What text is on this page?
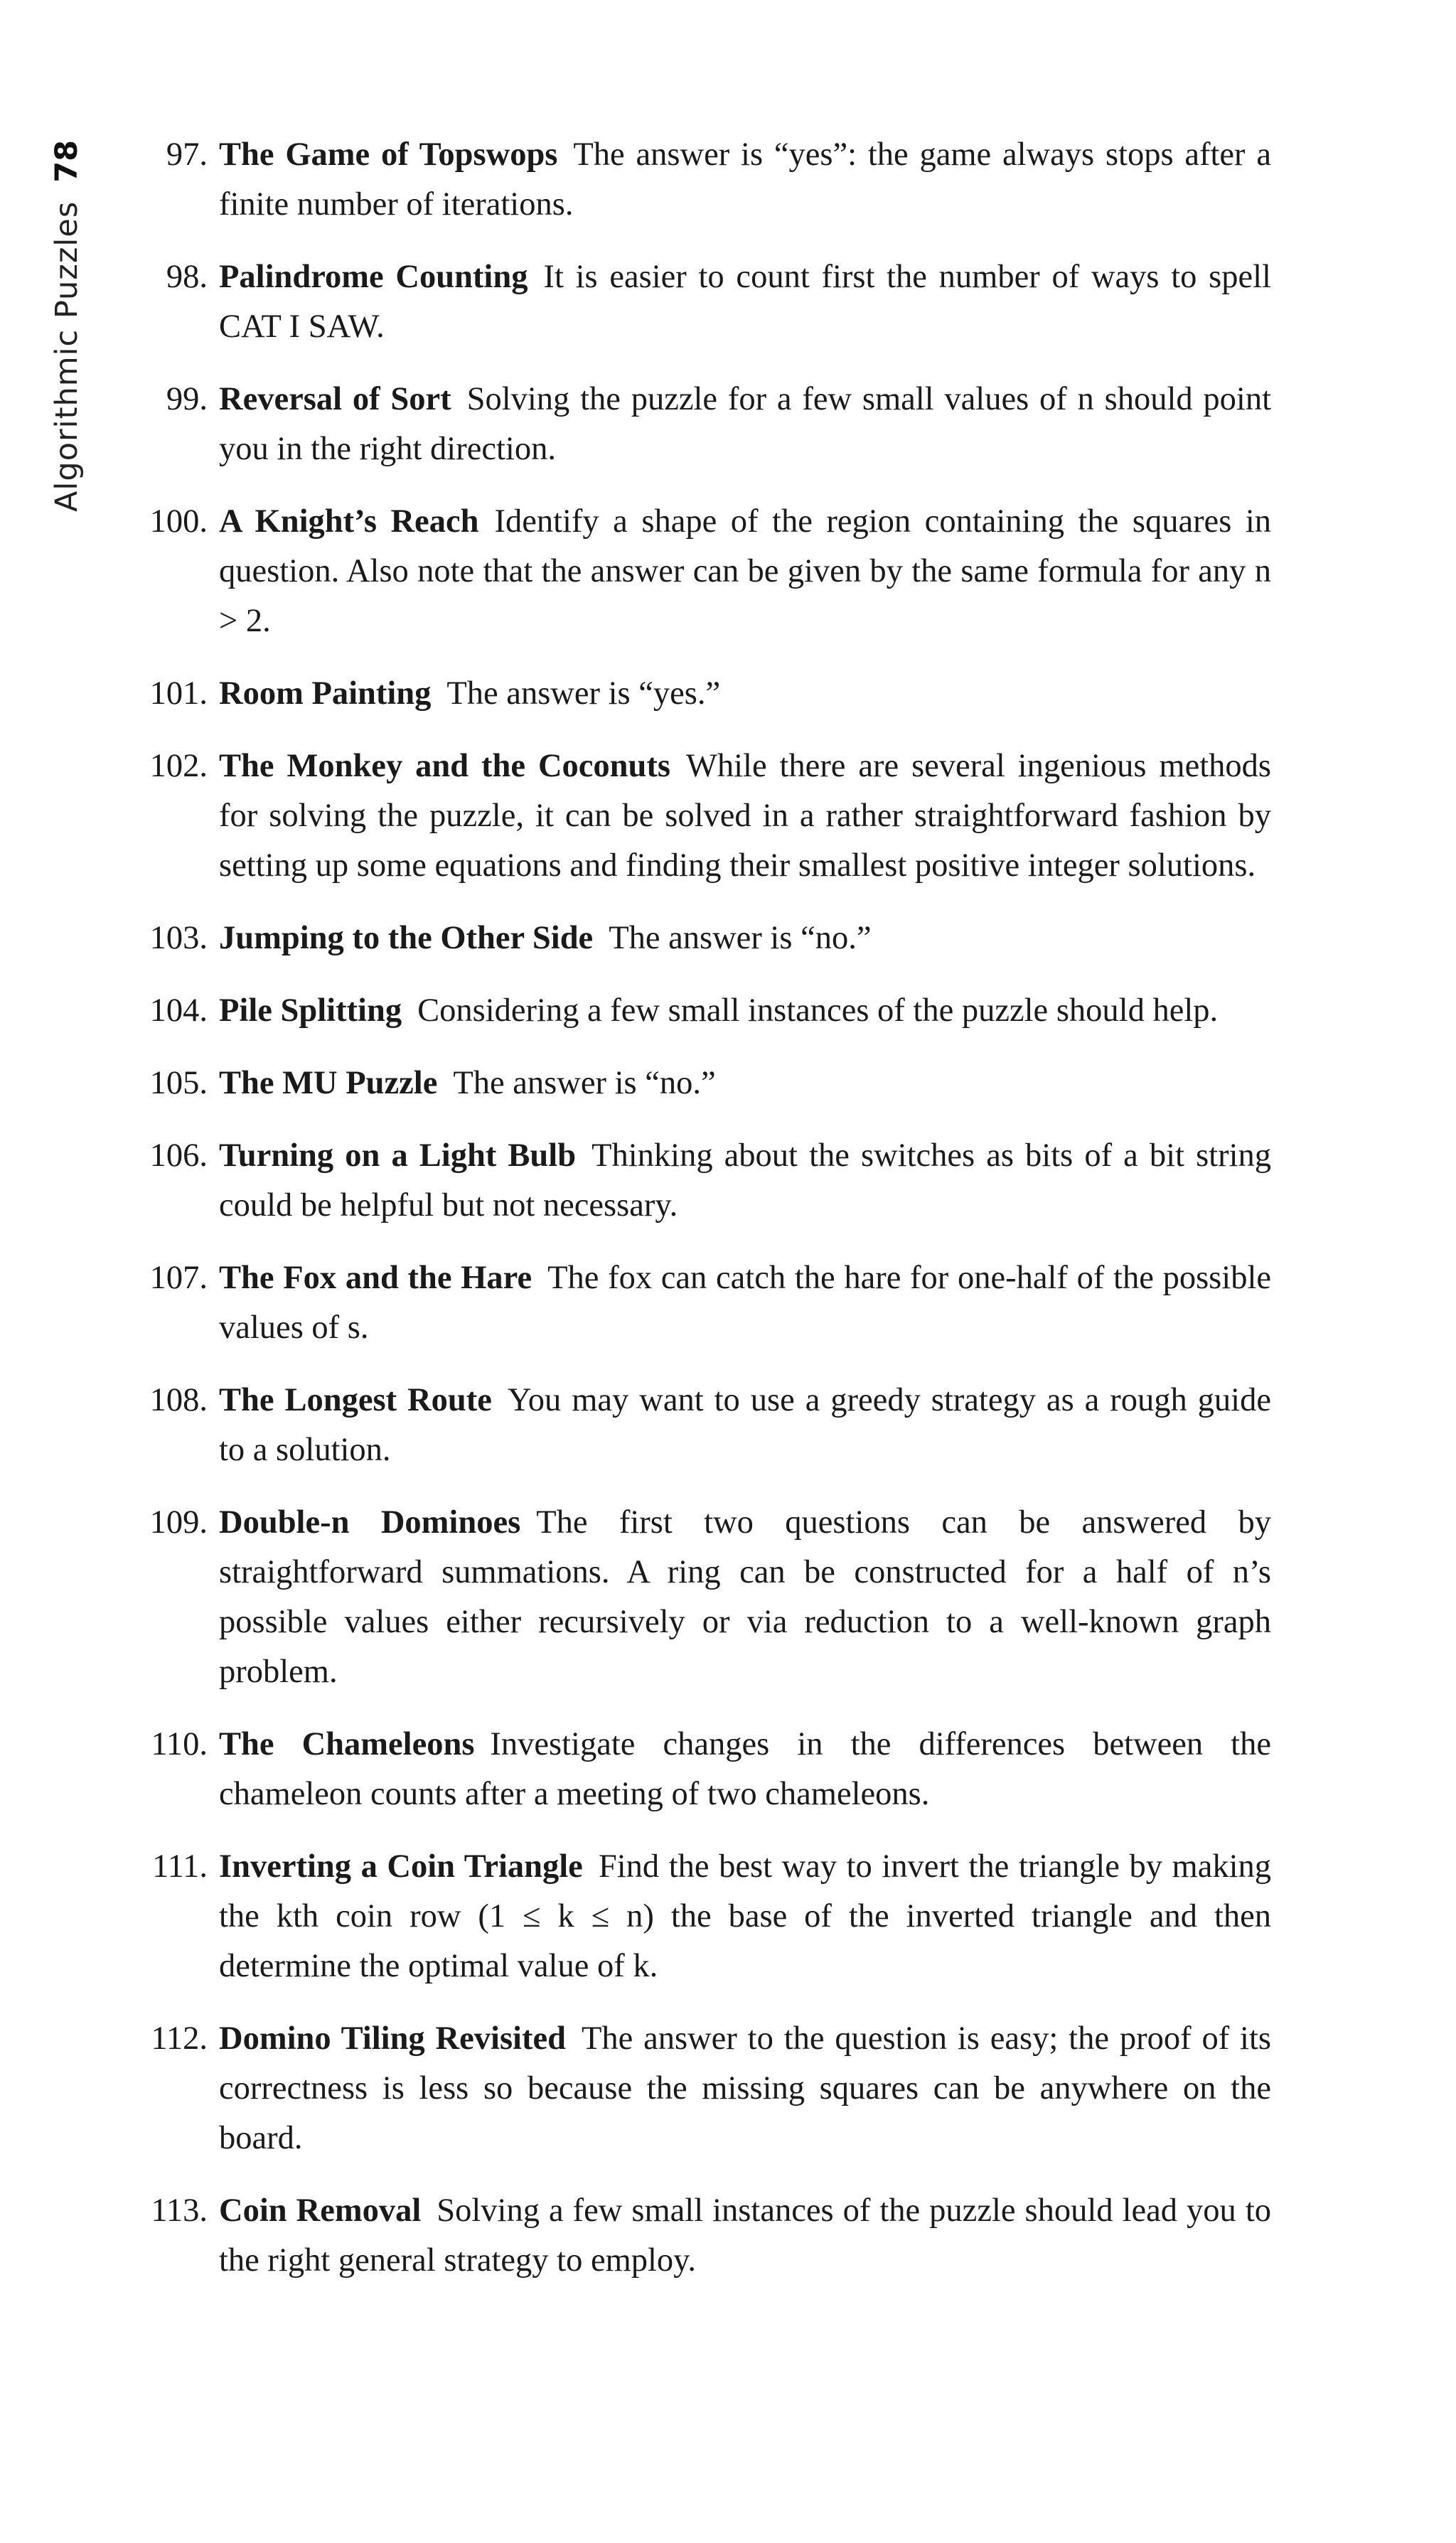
Algorithmic Puzzles
78	97. The Game of Topswops The answer is “yes”: the game always stops after a finite number of iterations.
98. Palindrome Counting It is easier to count first the number of ways to spell CAT I SAW.
99. Reversal of Sort Solving the puzzle for a few small values of n should point you in the right direction.
100. A Knight’s Reach Identify a shape of the region containing the squares in question. Also note that the answer can be given by the same formula for any n > 2.
101. Room Painting The answer is “yes.”
102. The Monkey and the Coconuts While there are several ingenious methods for solving the puzzle, it can be solved in a rather straightforward fashion by setting up some equations and finding their smallest positive integer solutions.
103. Jumping to the Other Side The answer is “no.”
104. Pile Splitting Considering a few small instances of the puzzle should help.
105. The MU Puzzle The answer is “no.”
106. Turning on a Light Bulb Thinking about the switches as bits of a bit string could be helpful but not necessary.
107. The Fox and the Hare The fox can catch the hare for one-half of the possible values of s.
108. The Longest Route You may want to use a greedy strategy as a rough guide to a solution.
109. Double-n Dominoes The first two questions can be answered by straightforward summations. A ring can be constructed for a half of n’s possible values either recursively or via reduction to a well-known graph problem.
110. The Chameleons Investigate changes in the differences between the chameleon counts after a meeting of two chameleons.
111. Inverting a Coin Triangle Find the best way to invert the triangle by making the kth coin row (1 ≤ k ≤ n) the base of the inverted triangle and then determine the optimal value of k.
112. Domino Tiling Revisited The answer to the question is easy; the proof of its correctness is less so because the missing squares can be anywhere on the board.
113. Coin Removal Solving a few small instances of the puzzle should lead you to the right general strategy to employ.
